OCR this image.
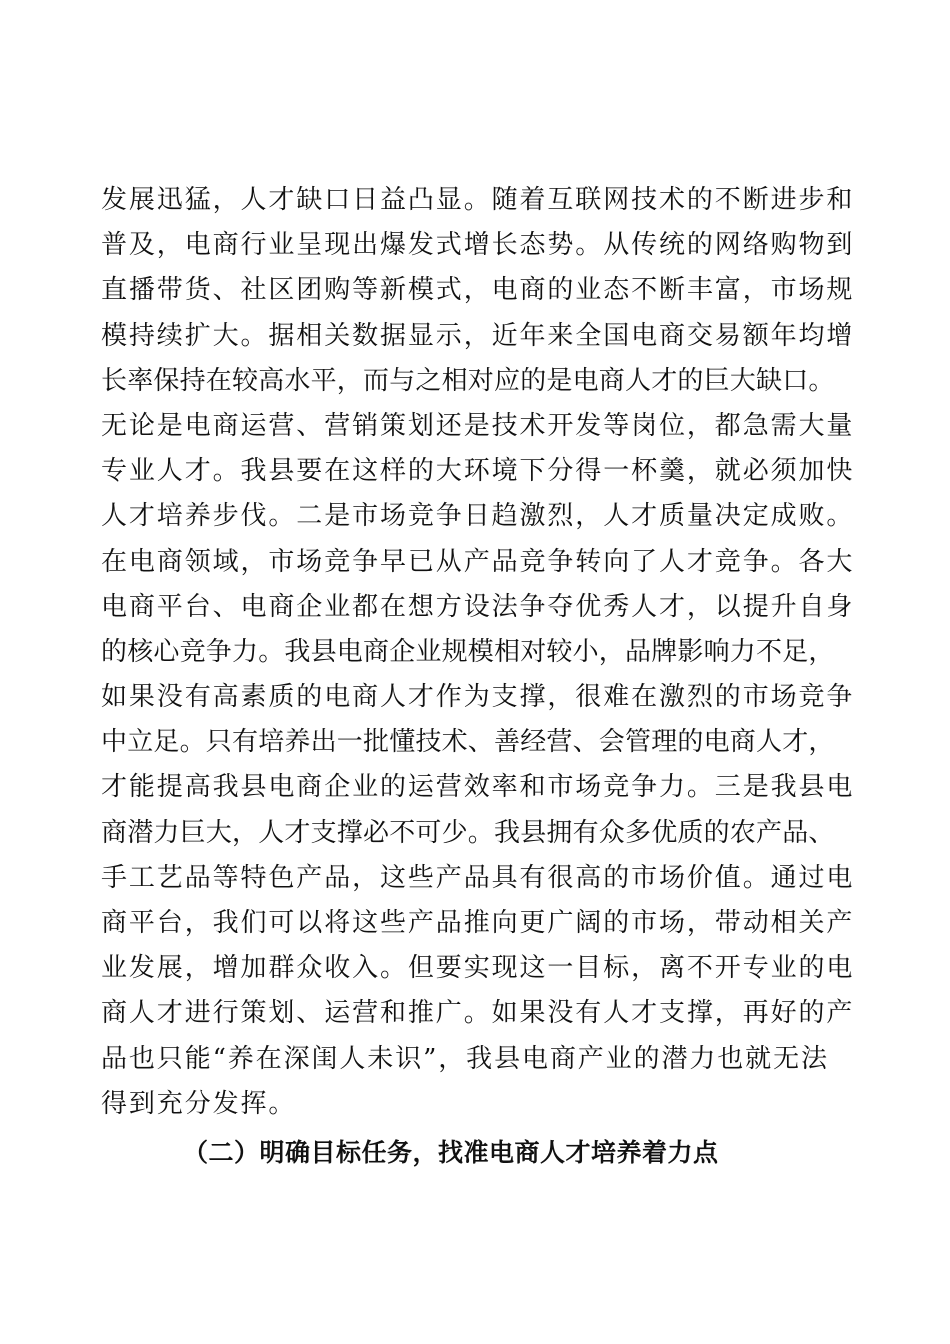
发展迅猛，人才缺口日益凸显。随着互联网技术的不断进步和
普及，电商行业呈现出爆发式增长态势。从传统的网络购物到
直播带货、社区团购等新模式，电商的业态不断丰富，市场规
模持续扩大。据相关数据显示，近年来全国电商交易额年均增
长率保持在较高水平，而与之相对应的是电商人才的巨大缺口。
无论是电商运营、营销策划还是技术开发等岗位，都急需大量
专业人才。我县要在这样的大环境下分得一杯羹，就必须加快
人才培养步伐。二是市场竞争日趋激烈，人才质量决定成败。
在电商领域，市场竞争早已从产品竞争转向了人才竞争。各大
电商平台、电商企业都在想方设法争夺优秀人才，以提升自身
的核心竞争力。我县电商企业规模相对较小，品牌影响力不足，
如果没有高素质的电商人才作为支撑，很难在激烈的市场竞争
中立足。只有培养出一批懂技术、善经营、会管理的电商人才，
才能提高我县电商企业的运营效率和市场竞争力。三是我县电
商潜力巨大，人才支撑必不可少。我县拥有众多优质的农产品、
手工艺品等特色产品，这些产品具有很高的市场价值。通过电
商平台，我们可以将这些产品推向更广阔的市场，带动相关产
业发展，增加群众收入。但要实现这一目标，离不开专业的电
商人才进行策划、运营和推广。如果没有人才支撑，再好的产
品也只能“养在深闺人未识”，我县电商产业的潜力也就无法
得到充分发挥。

（二）明确目标任务，找准电商人才培养着力点
